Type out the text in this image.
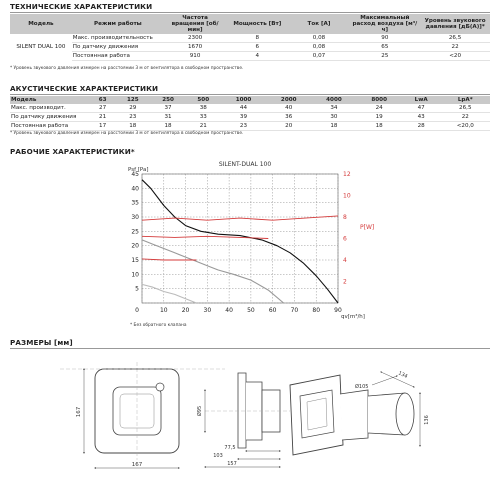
ТЕХНИЧЕСКИЕ ХАРАКТЕРИСТИКИ
Модель	Режим работы	Частота вращения [об/мин]	Мощность [Вт]	Ток [А]	Максимальный расход воздуха [м³/ч]	Уровень звукового давления [дБ(А)]*
SILENT DUAL 100	Макс. производительность	2300	8	0,08	90	26,5
	По датчику движения	1670	6	0,08	65	22
	Постоянная работа	910	4	0,07	25	<20
* Уровень звукового давления измерен на расстоянии 3 м от вентилятора в свободном пространстве.
АКУСТИЧЕСКИЕ ХАРАКТЕРИСТИКИ
Модель	63	125	250	500	1000	2000	4000	8000	LwA	LpA*
Макс. производит.	27	29	37	38	44	40	34	24	47	26,5
По датчику движения	21	23	31	33	39	36	30	19	43	22
Постоянная работа	17	18	18	21	23	20	18	18	28	<20,0
* Уровень звукового давления измерен на расстоянии 3 м от вентилятора в свободном пространстве.
РАБОЧИЕ ХАРАКТЕРИСТИКИ*
SILENT-DUAL 100
Psf [Pa]
P[W]
qv[m³/h]
* Без обратного клапана
10 20 30 40 50 60 70 80 90
0
5
10
15
20
25
30
35
40
45
2
4
6
8
10
12
РАЗМЕРЫ [мм]
167
167	Ø95
77,5
103
157
Ø105
134
136
